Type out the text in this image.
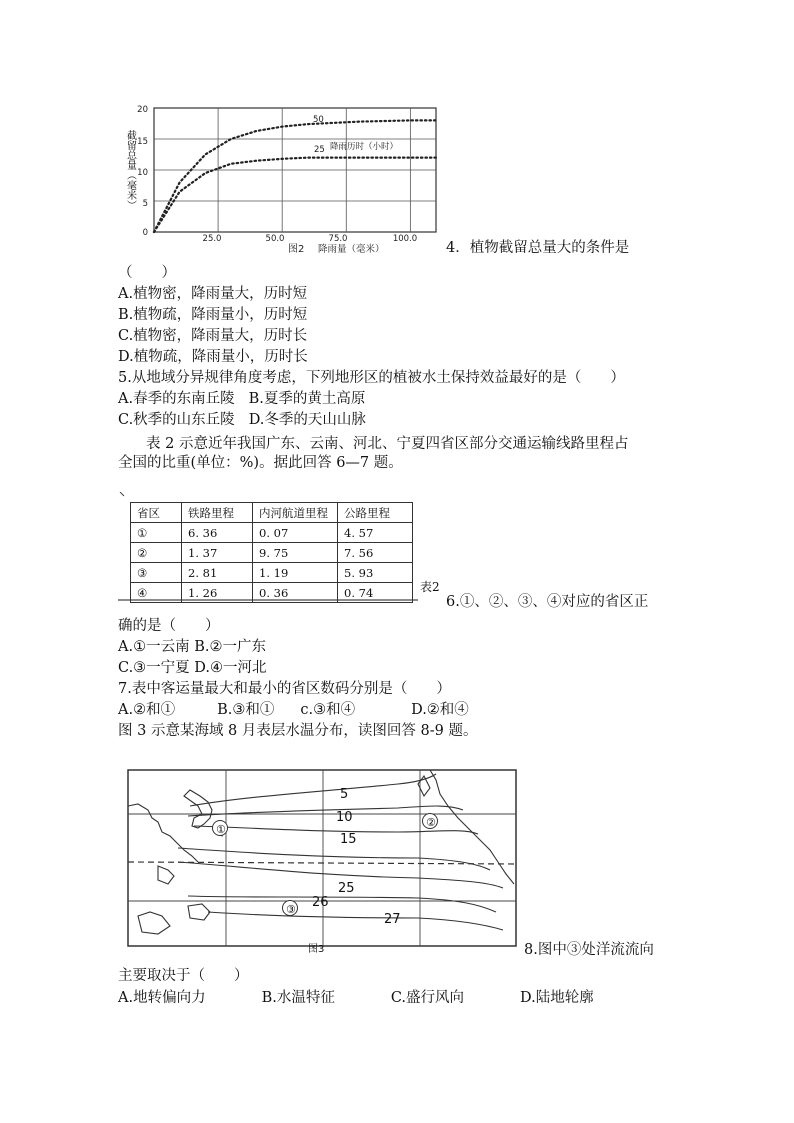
20
15
10
5
0
25.0	50.0	75.0	100.0
50
25 降雨历时（小时）
降雨量（毫米）
图2
截留总量（毫米）
4．植物截留总量大的条件是
（　　）
A.植物密，降雨量大，历时短
B.植物疏，降雨量小，历时短
C.植物密，降雨量大，历时长
D.植物疏，降雨量小，历时长
5.从地域分异规律角度考虑，下列地形区的植被水土保持效益最好的是（　　）
A.春季的东南丘陵 B.夏季的黄土高原
C.秋季的山东丘陵 D.冬季的天山山脉
表 2 示意近年我国广东、云南、河北、宁夏四省区部分交通运输线路里程占
全国的比重(单位：%)。据此回答 6—7 题。
省区	铁路里程	内河航道里程	公路里程
①	6. 36	0. 07	4. 57
②	1. 37	9. 75	7. 56
③	2. 81	1. 19	5. 93
④	1. 26	0. 36	0. 74	表2
6.①、②、③、④对应的省区正
确的是（　　）
A.①一云南 B.②一广东
C.③一宁夏 D.④一河北
7.表中客运量最大和最小的省区数码分别是（　　）
A.②和①	B.③和① c.③和④	D.②和④
图 3 示意某海域 8 月表层水温分布，读图回答 8-9 题。
①
②
③
5
10
15
25
26
27
图3	8.图中③处洋流流向
主要取决于（　　）
A.地转偏向力	B.水温特征	C.盛行风向	D.陆地轮廓
